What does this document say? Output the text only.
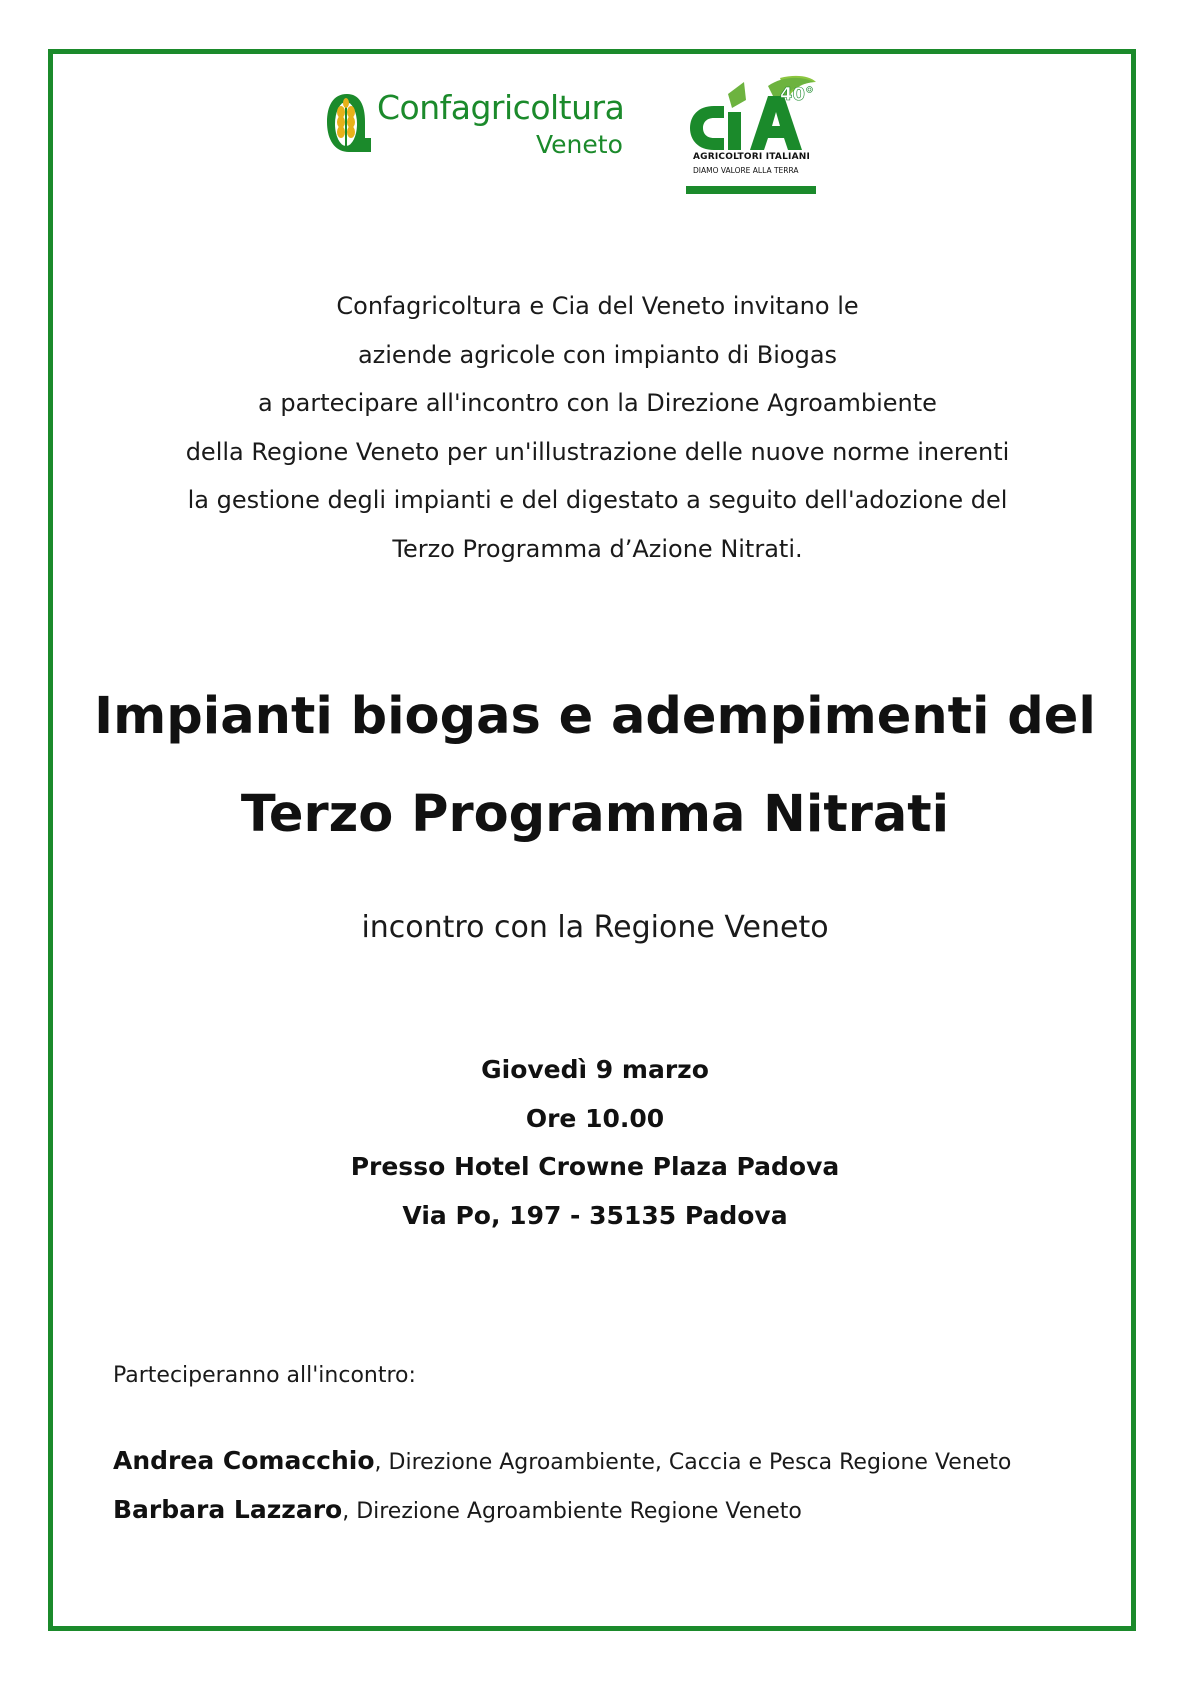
Confagricoltura
Veneto
40°
AGRICOLTORI ITALIANI
DIAMO VALORE ALLA TERRA
Confagricoltura e Cia del Veneto invitano le
aziende agricole con impianto di Biogas
a partecipare all'incontro con la Direzione Agroambiente
della Regione Veneto per un'illustrazione delle nuove norme inerenti
la gestione degli impianti e del digestato a seguito dell'adozione del
Terzo Programma d’Azione Nitrati.
Impianti biogas e adempimenti del
Terzo Programma Nitrati
incontro con la Regione Veneto
Giovedì 9 marzo
Ore 10.00
Presso Hotel Crowne Plaza Padova
Via Po, 197 - 35135 Padova
Parteciperanno all'incontro:
Andrea Comacchio, Direzione Agroambiente, Caccia e Pesca Regione Veneto
Barbara Lazzaro, Direzione Agroambiente Regione Veneto
